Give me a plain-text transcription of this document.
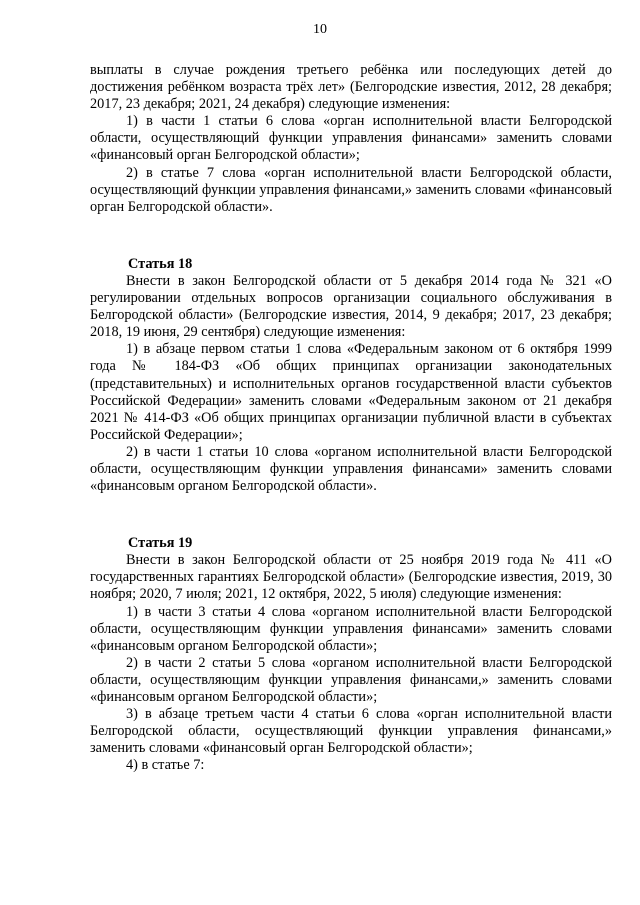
10

выплаты в случае рождения третьего ребёнка или последующих детей до достижения ребёнком возраста трёх лет» (Белгородские известия, 2012, 28 декабря; 2017, 23 декабря; 2021, 24 декабря) следующие изменения:

1) в части 1 статьи 6 слова «орган исполнительной власти Белгородской области, осуществляющий функции управления финансами» заменить словами «финансовый орган Белгородской области»;

2) в статье 7 слова «орган исполнительной власти Белгородской области, осуществляющий функции управления финансами,» заменить словами «финансовый орган Белгородской области».

Статья 18

Внести в закон Белгородской области от 5 декабря 2014 года № 321 «О регулировании отдельных вопросов организации социального обслуживания в Белгородской области» (Белгородские известия, 2014, 9 декабря; 2017, 23 декабря; 2018, 19 июня, 29 сентября) следующие изменения:

1) в абзаце первом статьи 1 слова «Федеральным законом от 6 октября 1999 года № 184-ФЗ «Об общих принципах организации законодательных (представительных) и исполнительных органов государственной власти субъектов Российской Федерации» заменить словами «Федеральным законом от 21 декабря 2021 № 414-ФЗ «Об общих принципах организации публичной власти в субъектах Российской Федерации»;

2) в части 1 статьи 10 слова «органом исполнительной власти Белгородской области, осуществляющим функции управления финансами» заменить словами «финансовым органом Белгородской области».

Статья 19

Внести в закон Белгородской области от 25 ноября 2019 года № 411 «О государственных гарантиях Белгородской области» (Белгородские известия, 2019, 30 ноября; 2020, 7 июля; 2021, 12 октября, 2022, 5 июля) следующие изменения:

1) в части 3 статьи 4 слова «органом исполнительной власти Белгородской области, осуществляющим функции управления финансами» заменить словами «финансовым органом Белгородской области»;

2) в части 2 статьи 5 слова «органом исполнительной власти Белгородской области, осуществляющим функции управления финансами,» заменить словами «финансовым органом Белгородской области»;

3) в абзаце третьем части 4 статьи 6 слова «орган исполнительной власти Белгородской области, осуществляющий функции управления финансами,» заменить словами «финансовый орган Белгородской области»;

4) в статье 7:
